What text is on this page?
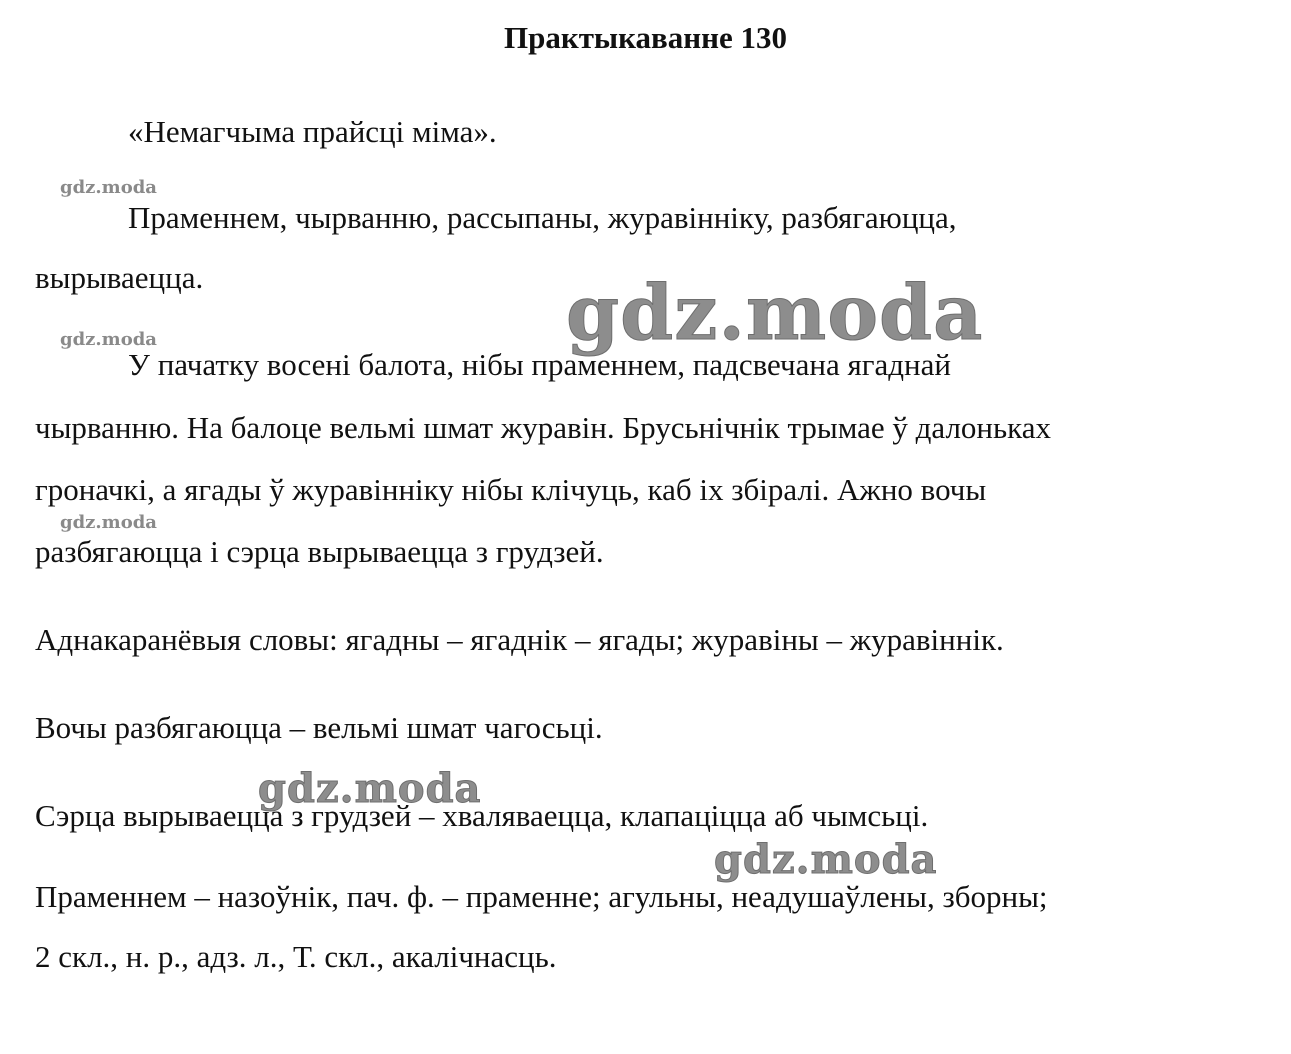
Практыкаванне 130

«Немагчыма прайсці міма».

Праменнем, чырванню, рассыпаны, журавінніку, разбягаюцца,

вырываецца.

У пачатку восені балота, нібы праменнем, падсвечана ягаднай

чырванню. На балоце вельмі шмат журавін. Брусьнічнік трымае ў далоньках

гроначкі, а ягады ў журавінніку нібы клічуць, каб іх збіралі. Ажно вочы

разбягаюцца і сэрца вырываецца з грудзей.

Аднакаранёвыя словы: ягадны – ягаднік – ягады; журавіны – журавіннік.

Вочы разбягаюцца – вельмі шмат чагосьці.

Сэрца вырываецца з грудзей – хваляваецца, клапаціцца аб чымсьці.

Праменнем – назоўнік, пач. ф. – праменне; агульны, неадушаўлены, зборны;

2 скл., н. р., адз. л., Т. скл., акалічнасць.

gdz.moda
gdz.moda
gdz.moda
gdz.moda
gdz.moda
gdz.moda
